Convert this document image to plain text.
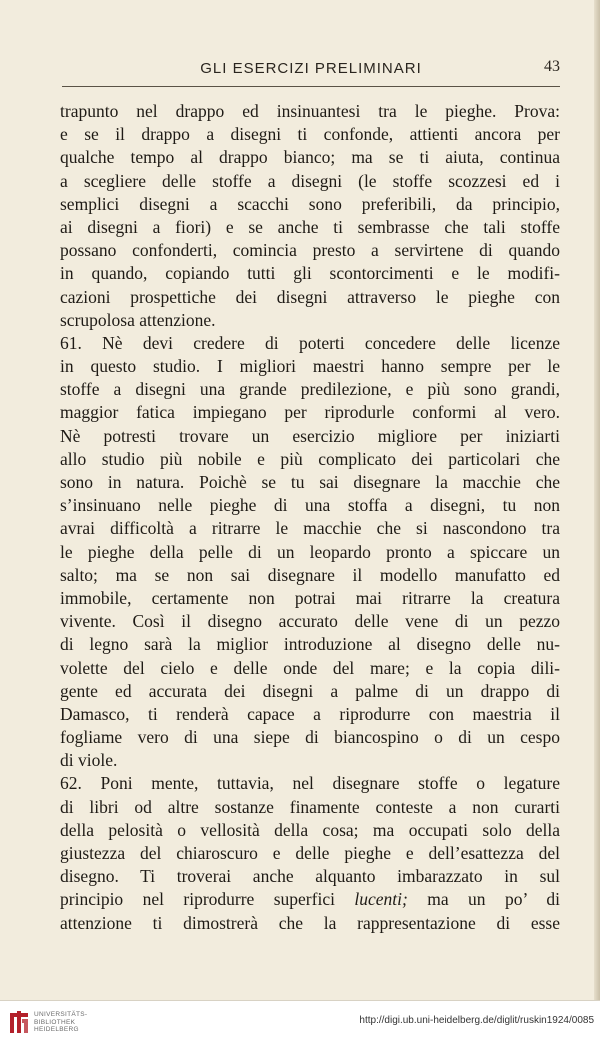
GLI ESERCIZI PRELIMINARI	43
trapunto nel drappo ed insinuantesi tra le pieghe. Prova:
e se il drappo a disegni ti confonde, attienti ancora per
qualche tempo al drappo bianco; ma se ti aiuta, continua
a scegliere delle stoffe a disegni (le stoffe scozzesi ed i
semplici disegni a scacchi sono preferibili, da principio,
ai disegni a fiori) e se anche ti sembrasse che tali stoffe
possano confonderti, comincia presto a servirtene di quando
in quando, copiando tutti gli scontorcimenti e le modifi-
cazioni prospettiche dei disegni attraverso le pieghe con
scrupolosa attenzione.
61. Nè devi credere di poterti concedere delle licenze
in questo studio. I migliori maestri hanno sempre per le
stoffe a disegni una grande predilezione, e più sono grandi,
maggior fatica impiegano per riprodurle conformi al vero.
Nè potresti trovare un esercizio migliore per iniziarti
allo studio più nobile e più complicato dei particolari che
sono in natura. Poichè se tu sai disegnare la macchie che
s’insinuano nelle pieghe di una stoffa a disegni, tu non
avrai difficoltà a ritrarre le macchie che si nascondono tra
le pieghe della pelle di un leopardo pronto a spiccare un
salto; ma se non sai disegnare il modello manufatto ed
immobile, certamente non potrai mai ritrarre la creatura
vivente. Così il disegno accurato delle vene di un pezzo
di legno sarà la miglior introduzione al disegno delle nu-
volette del cielo e delle onde del mare; e la copia dili-
gente ed accurata dei disegni a palme di un drappo di
Damasco, ti renderà capace a riprodurre con maestria il
fogliame vero di una siepe di biancospino o di un cespo
di viole.
62. Poni mente, tuttavia, nel disegnare stoffe o legature
di libri od altre sostanze finamente conteste a non curarti
della pelosità o vellosità della cosa; ma occupati solo della
giustezza del chiaroscuro e delle pieghe e dell’esattezza del
disegno. Ti troverai anche alquanto imbarazzato in sul
principio nel riprodurre superfici lucenti; ma un po’ di
attenzione ti dimostrerà che la rappresentazione di esse
UNIVERSITÄTS-
BIBLIOTHEK
HEIDELBERG
http://digi.ub.uni-heidelberg.de/diglit/ruskin1924/0085
